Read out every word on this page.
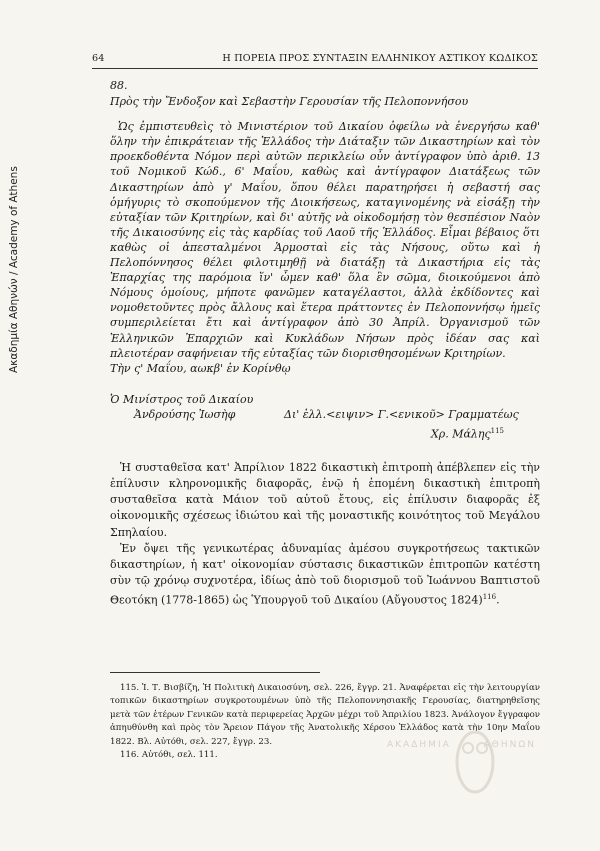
Ακαδημία Αθηνών / Academy of Athens
64	Η ΠΟΡΕΙΑ ΠΡΟΣ ΣΥΝΤΑΞΙΝ ΕΛΛΗΝΙΚΟΥ ΑΣΤΙΚΟΥ ΚΩΔΙΚΟΣ
88.
Πρὸς τὴν Ἔνδοξον καὶ Σεβαστὴν Γερουσίαν τῆς Πελοποννήσου
Ὡς ἐμπιστευθεὶς τὸ Μινιστέριον τοῦ Δικαίου ὀφείλω νὰ ἐνεργήσω καθ' ὅλην τὴν ἐπικράτειαν τῆς Ἑλλάδος τὴν Διάταξιν τῶν Δικαστηρίων καὶ τὸν προεκδοθέντα Νόμον περὶ αὐτῶν περικλείω οὖν ἀντίγραφον ὑπὸ ἀριθ. 13 τοῦ Νομικοῦ Κώδ., 6' Μαΐου, καθὼς καὶ ἀντίγραφον Διατάξεως τῶν Δικαστηρίων ἀπὸ γ' Μαΐου, ὅπου θέλει παρατηρήσει ἡ σεβαστή σας ὁμήγυρις τὸ σκοπούμενον τῆς Διοικήσεως, καταγινομένης νὰ εἰσάξῃ τὴν εὐταξίαν τῶν Κριτηρίων, καὶ δι' αὐτῆς νὰ οἰκοδομήσῃ τὸν θεσπέσιον Ναὸν τῆς Δικαιοσύνης εἰς τὰς καρδίας τοῦ Λαοῦ τῆς Ἑλλάδος. Εἶμαι βέβαιος ὅτι καθὼς οἱ ἀπεσταλμένοι Ἁρμοσταὶ εἰς τὰς Νήσους, οὕτω καὶ ἡ Πελοπόννησος θέλει φιλοτιμηθῇ νὰ διατάξῃ τὰ Δικαστήρια εἰς τὰς Ἐπαρχίας της παρόμοια ἵν' ὦμεν καθ' ὅλα ἓν σῶμα, διοικούμενοι ἀπὸ Νόμους ὁμοίους, μήποτε φανῶμεν καταγέλαστοι, ἀλλὰ ἐκδίδοντες καὶ νομοθετοῦντες πρὸς ἄλλους καὶ ἕτερα πράττοντες ἐν Πελοποννήσῳ ἡμεῖς συμπεριλείεται ἔτι καὶ ἀντίγραφον ἀπὸ 30 Ἀπρίλ. Ὀργανισμοῦ τῶν Ἑλληνικῶν Ἐπαρχιῶν καὶ Κυκλάδων Νήσων πρὸς ἰδέαν σας καὶ πλειοτέραν σαφήνειαν τῆς εὐταξίας τῶν διορισθησομένων Κριτηρίων.
Τὴν ς' Μαΐου, αωκβ' ἐν Κορίνθῳ
Ὁ Μινίστρος τοῦ Δικαίου
Ἀνδρούσης Ἰωσὴφ	Δι' ἑλλ.<ειψιν> Γ.<ενικοῦ> Γραμματέως
Χρ. Μάλης$^{115}$

Ἡ συσταθεῖσα κατ' Ἀπρίλιον 1822 δικαστικὴ ἐπιτροπὴ ἀπέβλεπεν εἰς τὴν ἐπίλυσιν κληρονομικῆς διαφορᾶς, ἐνῷ ἡ ἑπομένη δικαστικὴ ἐπιτροπὴ συσταθεῖσα κατὰ Μάιον τοῦ αὐτοῦ ἔτους, εἰς ἐπίλυσιν διαφορᾶς ἐξ οἰκονομικῆς σχέσεως ἰδιώτου καὶ τῆς μοναστικῆς κοινότητος τοῦ Μεγάλου Σπηλαίου.

Ἐν ὄψει τῆς γενικωτέρας ἀδυναμίας ἀμέσου συγκροτήσεως τακτικῶν δικαστηρίων, ἡ κατ' οἰκονομίαν σύστασις δικαστικῶν ἐπιτροπῶν κατέστη σὺν τῷ χρόνῳ συχνοτέρα, ἰδίως ἀπὸ τοῦ διορισμοῦ τοῦ Ἰωάννου Βαπτιστοῦ Θεοτόκη (1778-1865) ὡς Ὑπουργοῦ τοῦ Δικαίου (Αὔγουστος 1824)$^{116}$.

115. Ἰ. Τ. Βισβίζη, Ἡ Πολιτικὴ Δικαιοσύνη, σελ. 226, ἔγγρ. 21. Ἀναφέρεται εἰς τὴν λειτουργίαν τοπικῶν δικαστηρίων συγκροτουμένων ὑπὸ τῆς Πελοποννησιακῆς Γερουσίας, διατηρηθεῖσης μετὰ τῶν ἑτέρων Γενικῶν κατὰ περιφερείας Ἀρχῶν μέχρι τοῦ Ἀπριλίου 1823. Ἀνάλογον ἔγγραφον ἀπηυθύνθη καὶ πρὸς τὸν Ἄρειον Πάγον τῆς Ἀνατολικῆς Χέρσου Ἑλλάδος κατὰ τὴν 10ην Μαΐου 1822. Βλ. Αὐτόθι, σελ. 227, ἔγγρ. 23.

116. Αὐτόθι, σελ. 111.

ΑΚΑΔΗΜΙΑ	ΑΘΗΝΩΝ
